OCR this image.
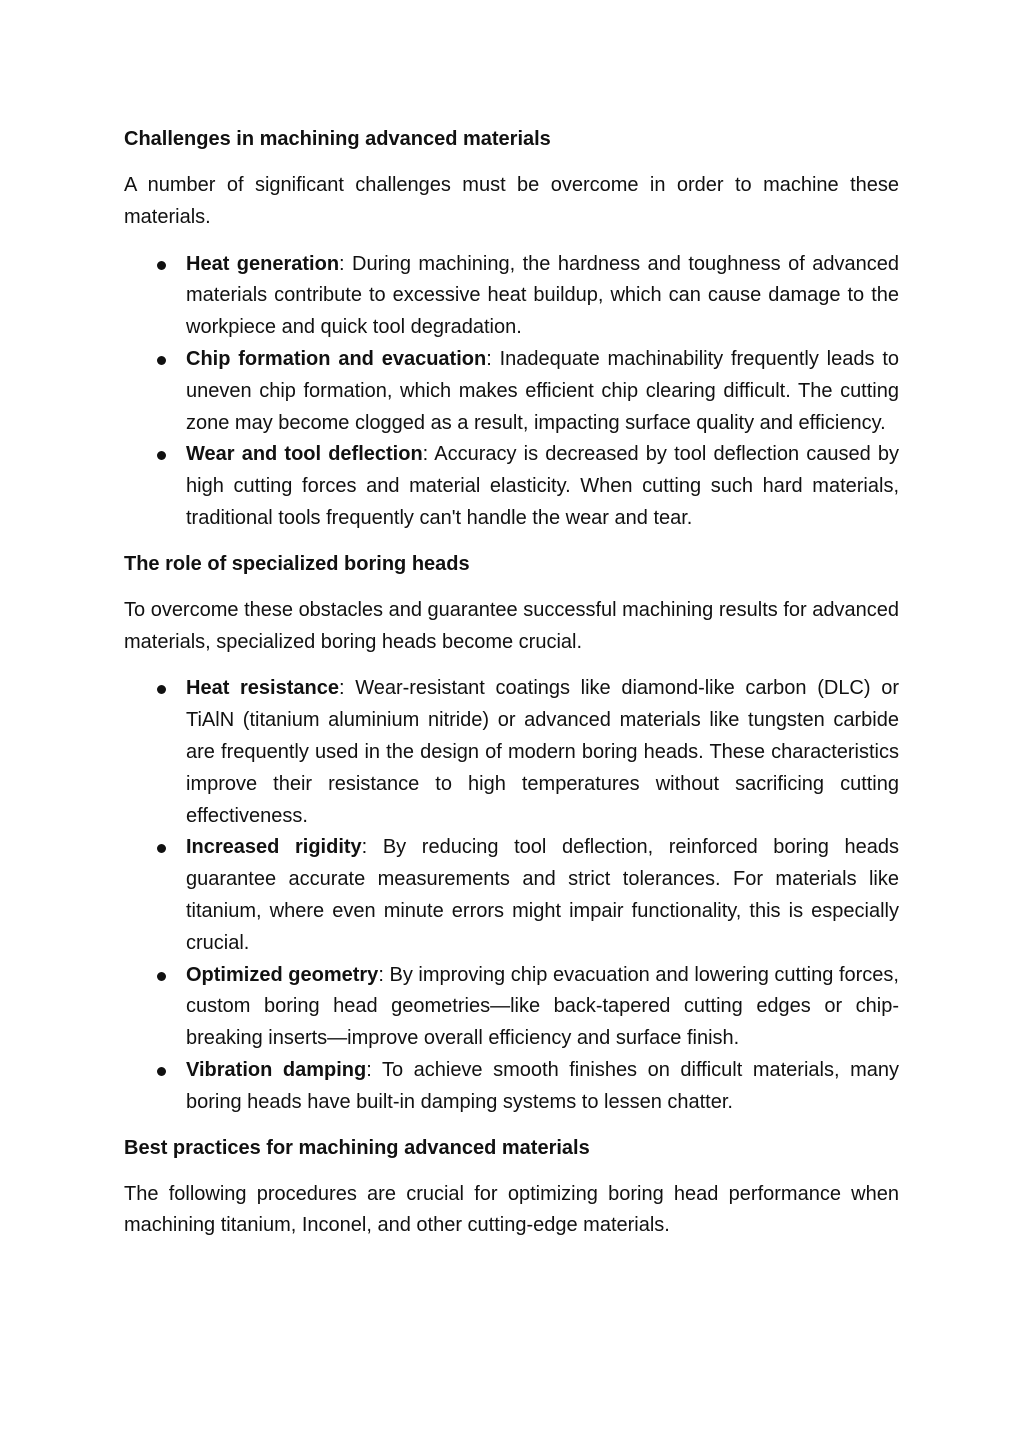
Challenges in machining advanced materials

A number of significant challenges must be overcome in order to machine these materials.

Heat generation: During machining, the hardness and toughness of advanced materials contribute to excessive heat buildup, which can cause damage to the workpiece and quick tool degradation.
Chip formation and evacuation: Inadequate machinability frequently leads to uneven chip formation, which makes efficient chip clearing difficult. The cutting zone may become clogged as a result, impacting surface quality and efficiency.
Wear and tool deflection: Accuracy is decreased by tool deflection caused by high cutting forces and material elasticity. When cutting such hard materials, traditional tools frequently can't handle the wear and tear.

The role of specialized boring heads

To overcome these obstacles and guarantee successful machining results for advanced materials, specialized boring heads become crucial.

Heat resistance: Wear-resistant coatings like diamond-like carbon (DLC) or TiAlN (titanium aluminium nitride) or advanced materials like tungsten carbide are frequently used in the design of modern boring heads. These characteristics improve their resistance to high temperatures without sacrificing cutting effectiveness.
Increased rigidity: By reducing tool deflection, reinforced boring heads guarantee accurate measurements and strict tolerances. For materials like titanium, where even minute errors might impair functionality, this is especially crucial.
Optimized geometry: By improving chip evacuation and lowering cutting forces, custom boring head geometries—like back-tapered cutting edges or chip-breaking inserts—improve overall efficiency and surface finish.
Vibration damping: To achieve smooth finishes on difficult materials, many boring heads have built-in damping systems to lessen chatter.

Best practices for machining advanced materials

The following procedures are crucial for optimizing boring head performance when machining titanium, Inconel, and other cutting-edge materials.
